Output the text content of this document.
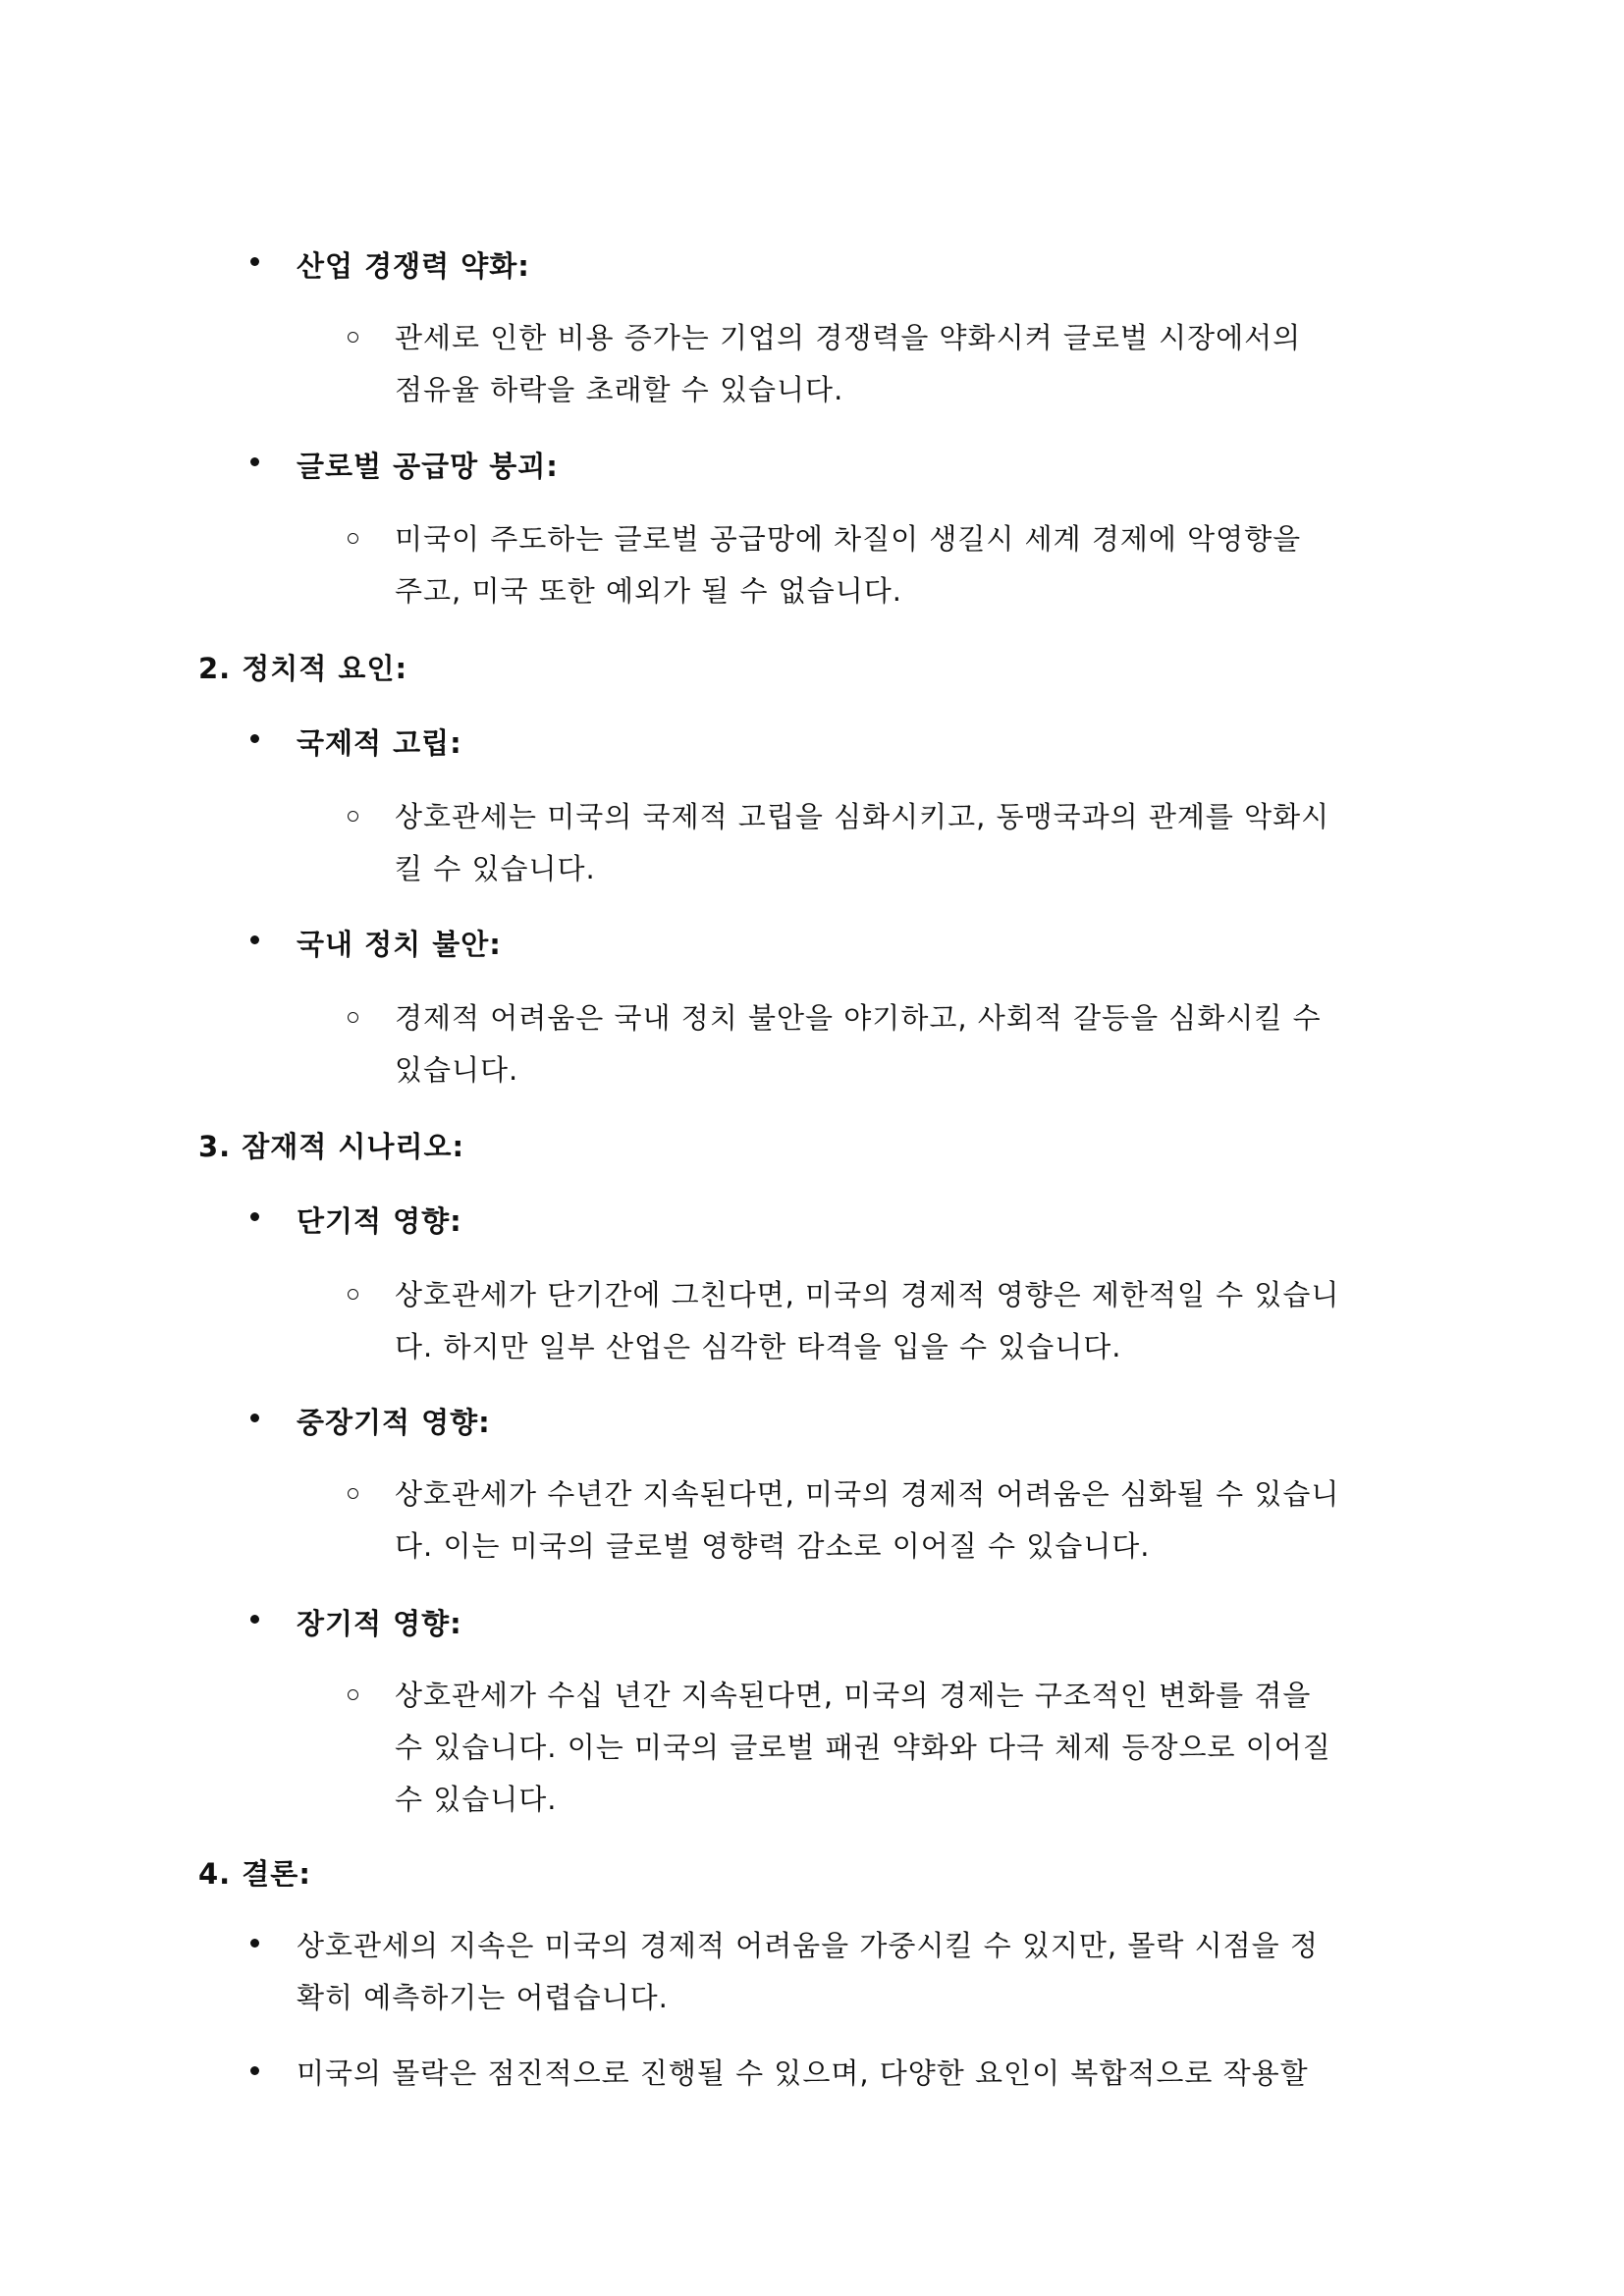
산업 경쟁력 약화:
관세로 인한 비용 증가는 기업의 경쟁력을 약화시켜 글로벌 시장에서의
점유율 하락을 초래할 수 있습니다.
글로벌 공급망 붕괴:
미국이 주도하는 글로벌 공급망에 차질이 생길시 세계 경제에 악영향을
주고, 미국 또한 예외가 될 수 없습니다.
2. 정치적 요인:
국제적 고립:
상호관세는 미국의 국제적 고립을 심화시키고, 동맹국과의 관계를 악화시
킬 수 있습니다.
국내 정치 불안:
경제적 어려움은 국내 정치 불안을 야기하고, 사회적 갈등을 심화시킬 수
있습니다.
3. 잠재적 시나리오:
단기적 영향:
상호관세가 단기간에 그친다면, 미국의 경제적 영향은 제한적일 수 있습니
다. 하지만 일부 산업은 심각한 타격을 입을 수 있습니다.
중장기적 영향:
상호관세가 수년간 지속된다면, 미국의 경제적 어려움은 심화될 수 있습니
다. 이는 미국의 글로벌 영향력 감소로 이어질 수 있습니다.
장기적 영향:
상호관세가 수십 년간 지속된다면, 미국의 경제는 구조적인 변화를 겪을
수 있습니다. 이는 미국의 글로벌 패권 약화와 다극 체제 등장으로 이어질
수 있습니다.
4. 결론:
상호관세의 지속은 미국의 경제적 어려움을 가중시킬 수 있지만, 몰락 시점을 정
확히 예측하기는 어렵습니다.
미국의 몰락은 점진적으로 진행될 수 있으며, 다양한 요인이 복합적으로 작용할
